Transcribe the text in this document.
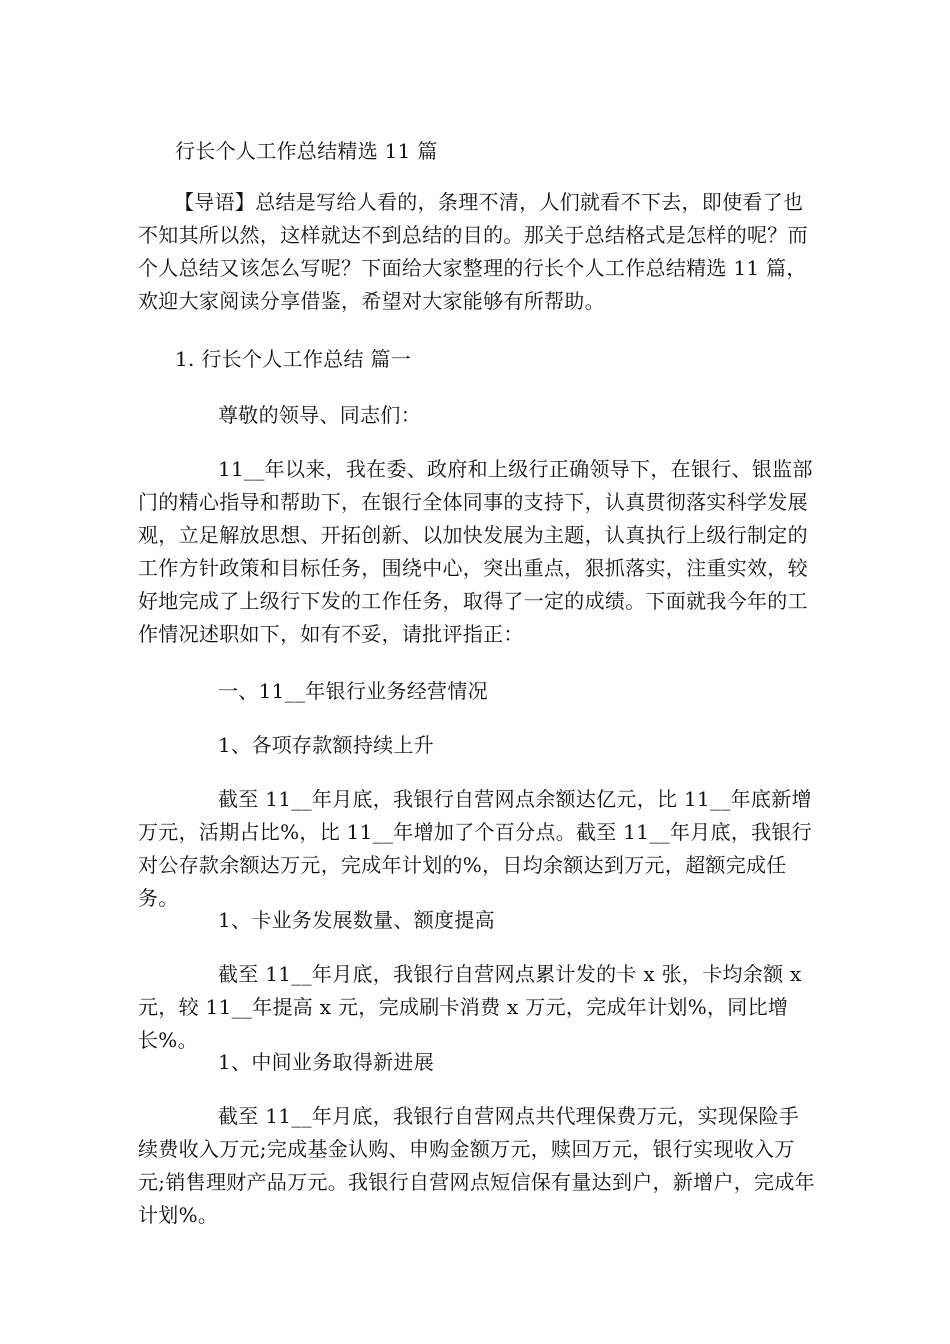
行长个人工作总结精选 11 篇
【导语】总结是写给人看的，条理不清，人们就看不下去，即使看了也不知其所以然，这样就达不到总结的目的。那关于总结格式是怎样的呢？而个人总结又该怎么写呢？下面给大家整理的行长个人工作总结精选 11 篇，欢迎大家阅读分享借鉴，希望对大家能够有所帮助。
1. 行长个人工作总结 篇一
尊敬的领导、同志们：
11__年以来，我在委、政府和上级行正确领导下，在银行、银监部门的精心指导和帮助下，在银行全体同事的支持下，认真贯彻落实科学发展观，立足解放思想、开拓创新、以加快发展为主题，认真执行上级行制定的工作方针政策和目标任务，围绕中心，突出重点，狠抓落实，注重实效，较好地完成了上级行下发的工作任务，取得了一定的成绩。下面就我今年的工作情况述职如下，如有不妥，请批评指正：
一、11__年银行业务经营情况
1、各项存款额持续上升
截至 11__年月底，我银行自营网点余额达亿元，比 11__年底新增万元，活期占比%，比 11__年增加了个百分点。截至 11__年月底，我银行对公存款余额达万元，完成年计划的%，日均余额达到万元，超额完成任务。
1、卡业务发展数量、额度提高
截至 11__年月底，我银行自营网点累计发的卡 x 张，卡均余额 x 元，较 11__年提高 x 元，完成刷卡消费 x 万元，完成年计划%，同比增长%。
1、中间业务取得新进展
截至 11__年月底，我银行自营网点共代理保费万元，实现保险手续费收入万元;完成基金认购、申购金额万元，赎回万元，银行实现收入万元;销售理财产品万元。我银行自营网点短信保有量达到户，新增户，完成年计划%。
